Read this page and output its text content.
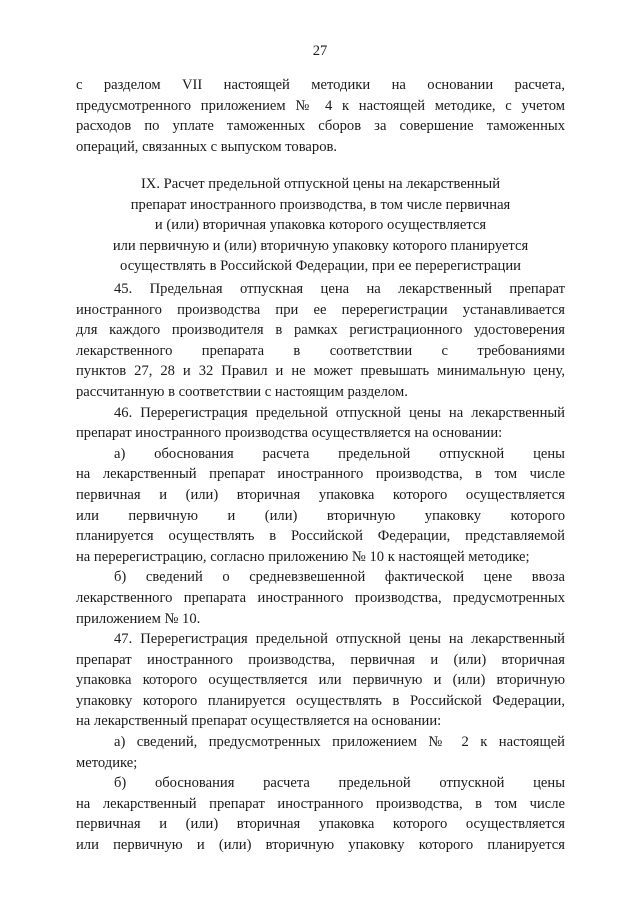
27
с разделом VII настоящей методики на основании расчета,
предусмотренного приложением № 4 к настоящей методике, с учетом
расходов по уплате таможенных сборов за совершение таможенных
операций, связанных с выпуском товаров.
IX. Расчет предельной отпускной цены на лекарственный
препарат иностранного производства, в том числе первичная
и (или) вторичная упаковка которого осуществляется
или первичную и (или) вторичную упаковку которого планируется
осуществлять в Российской Федерации, при ее перерегистрации
45. Предельная отпускная цена на лекарственный препарат
иностранного производства при ее перерегистрации устанавливается
для каждого производителя в рамках регистрационного удостоверения
лекарственного препарата в соответствии с требованиями
пунктов 27, 28 и 32 Правил и не может превышать минимальную цену,
рассчитанную в соответствии с настоящим разделом.
46. Перерегистрация предельной отпускной цены на лекарственный
препарат иностранного производства осуществляется на основании:
а) обоснования расчета предельной отпускной цены
на лекарственный препарат иностранного производства, в том числе
первичная и (или) вторичная упаковка которого осуществляется
или первичную и (или) вторичную упаковку которого
планируется осуществлять в Российской Федерации, представляемой
на перерегистрацию, согласно приложению № 10 к настоящей методике;
б) сведений о средневзвешенной фактической цене ввоза
лекарственного препарата иностранного производства, предусмотренных
приложением № 10.
47. Перерегистрация предельной отпускной цены на лекарственный
препарат иностранного производства, первичная и (или) вторичная
упаковка которого осуществляется или первичную и (или) вторичную
упаковку которого планируется осуществлять в Российской Федерации,
на лекарственный препарат осуществляется на основании:
а) сведений, предусмотренных приложением № 2 к настоящей
методике;
б) обоснования расчета предельной отпускной цены
на лекарственный препарат иностранного производства, в том числе
первичная и (или) вторичная упаковка которого осуществляется
или первичную и (или) вторичную упаковку которого планируется
